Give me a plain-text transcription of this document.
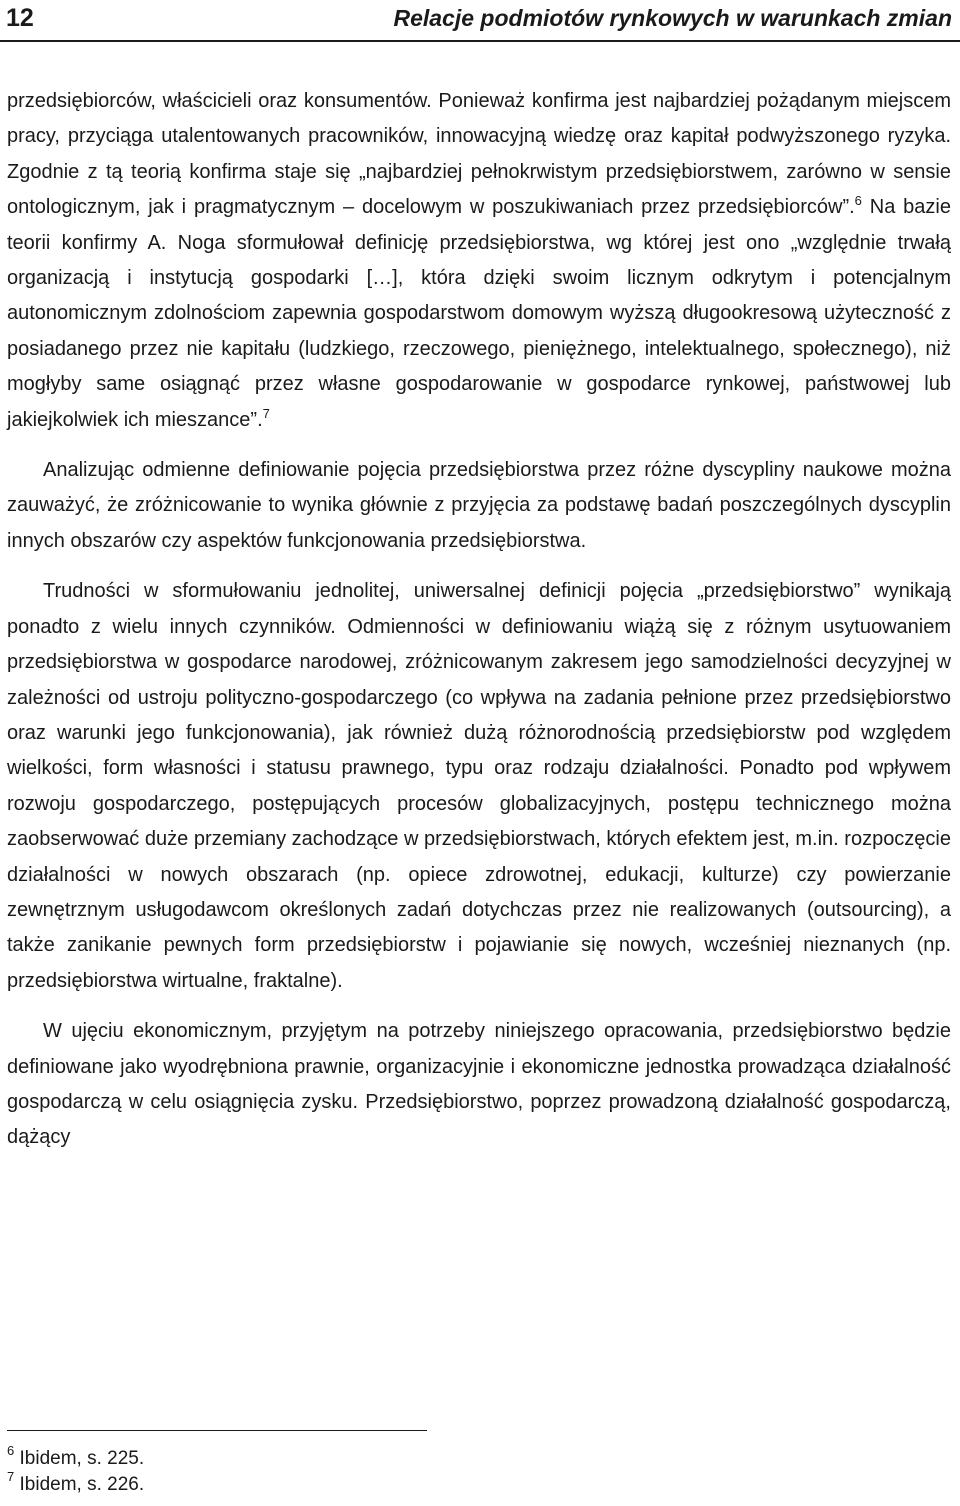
12	Relacje podmiotów rynkowych w warunkach zmian

przedsiębiorców, właścicieli oraz konsumentów. Ponieważ konfirma jest najbardziej pożądanym miejscem pracy, przyciąga utalentowanych pracowników, innowacyjną wiedzę oraz kapitał podwyższonego ryzyka. Zgodnie z tą teorią konfirma staje się „najbardziej pełnokrwistym przedsiębiorstwem, zarówno w sensie ontologicznym, jak i pragmatycznym – docelowym w poszukiwaniach przez przedsiębiorców”.$^6$ Na bazie teorii konfirmy A. Noga sformułował definicję przedsiębiorstwa, wg której jest ono „względnie trwałą organizacją i instytucją gospodarki […], która dzięki swoim licznym odkrytym i potencjalnym autonomicznym zdolnościom zapewnia gospodarstwom domowym wyższą długookresową użyteczność z posiadanego przez nie kapitału (ludzkiego, rzeczowego, pieniężnego, intelektualnego, społecznego), niż mogłyby same osiągnąć przez własne gospodarowanie w gospodarce rynkowej, państwowej lub jakiejkolwiek ich mieszance”.$^7$

Analizując odmienne definiowanie pojęcia przedsiębiorstwa przez różne dyscypliny naukowe można zauważyć, że zróżnicowanie to wynika głównie z przyjęcia za podstawę badań poszczególnych dyscyplin innych obszarów czy aspektów funkcjonowania przedsiębiorstwa.

Trudności w sformułowaniu jednolitej, uniwersalnej definicji pojęcia „przedsiębiorstwo” wynikają ponadto z wielu innych czynników. Odmienności w definiowaniu wiążą się z różnym usytuowaniem przedsiębiorstwa w gospodarce narodowej, zróżnicowanym zakresem jego samodzielności decyzyjnej w zależności od ustroju polityczno-gospodarczego (co wpływa na zadania pełnione przez przedsiębiorstwo oraz warunki jego funkcjonowania), jak również dużą różnorodnością przedsiębiorstw pod względem wielkości, form własności i statusu prawnego, typu oraz rodzaju działalności. Ponadto pod wpływem rozwoju gospodarczego, postępujących procesów globalizacyjnych, postępu technicznego można zaobserwować duże przemiany zachodzące w przedsiębiorstwach, których efektem jest, m.in. rozpoczęcie działalności w nowych obszarach (np. opiece zdrowotnej, edukacji, kulturze) czy powierzanie zewnętrznym usługodawcom określonych zadań dotychczas przez nie realizowanych (outsourcing), a także zanikanie pewnych form przedsiębiorstw i pojawianie się nowych, wcześniej nieznanych (np. przedsiębiorstwa wirtualne, fraktalne).

W ujęciu ekonomicznym, przyjętym na potrzeby niniejszego opracowania, przedsiębiorstwo będzie definiowane jako wyodrębniona prawnie, organizacyjnie i ekonomiczne jednostka prowadząca działalność gospodarczą w celu osiągnięcia zysku. Przedsiębiorstwo, poprzez prowadzoną działalność gospodarczą, dążący

$^6$ Ibidem, s. 225.
$^7$ Ibidem, s. 226.
